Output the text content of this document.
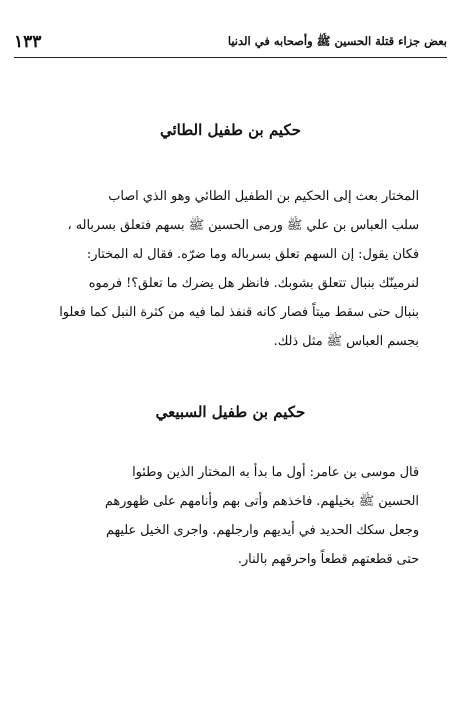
بعض جزاء قتلة الحسين ﷺ وأصحابه في الدنيا
١٣٣
حكيم بن طفيل الطائي
المختار بعث إلى الحكيم بن الطفيل الطائي وهو الذي اصاب
سلب العباس بن علي ﷺ ورمى الحسين ﷺ بسهم فتعلق بسرباله ،
فكان يقول: إن السهم تعلق بسرباله وما ضرّه. فقال له المختار:
لنرمينّك بنبال تتعلق بشوبك. فانظر هل يضرك ما تعلق؟! فرموه
بنبال حتى سقط ميتاً فصار كانه قنفذ لما فيه من كثرة النبل كما فعلوا
بجسم العباس ﷺ مثل ذلك.
حكيم بن طفيل السبيعي
قال موسى بن عامر: أول ما بدأ به المختار الذين وطئوا
الحسين ﷺ بخيلهم. فاخذهم وأتى بهم وأنامهم على ظهورهم
وجعل سكك الحديد في أيديهم وارجلهم. واجرى الخيل عليهم
حتى قطعتهم قطعاً واحرقهم بالنار.
